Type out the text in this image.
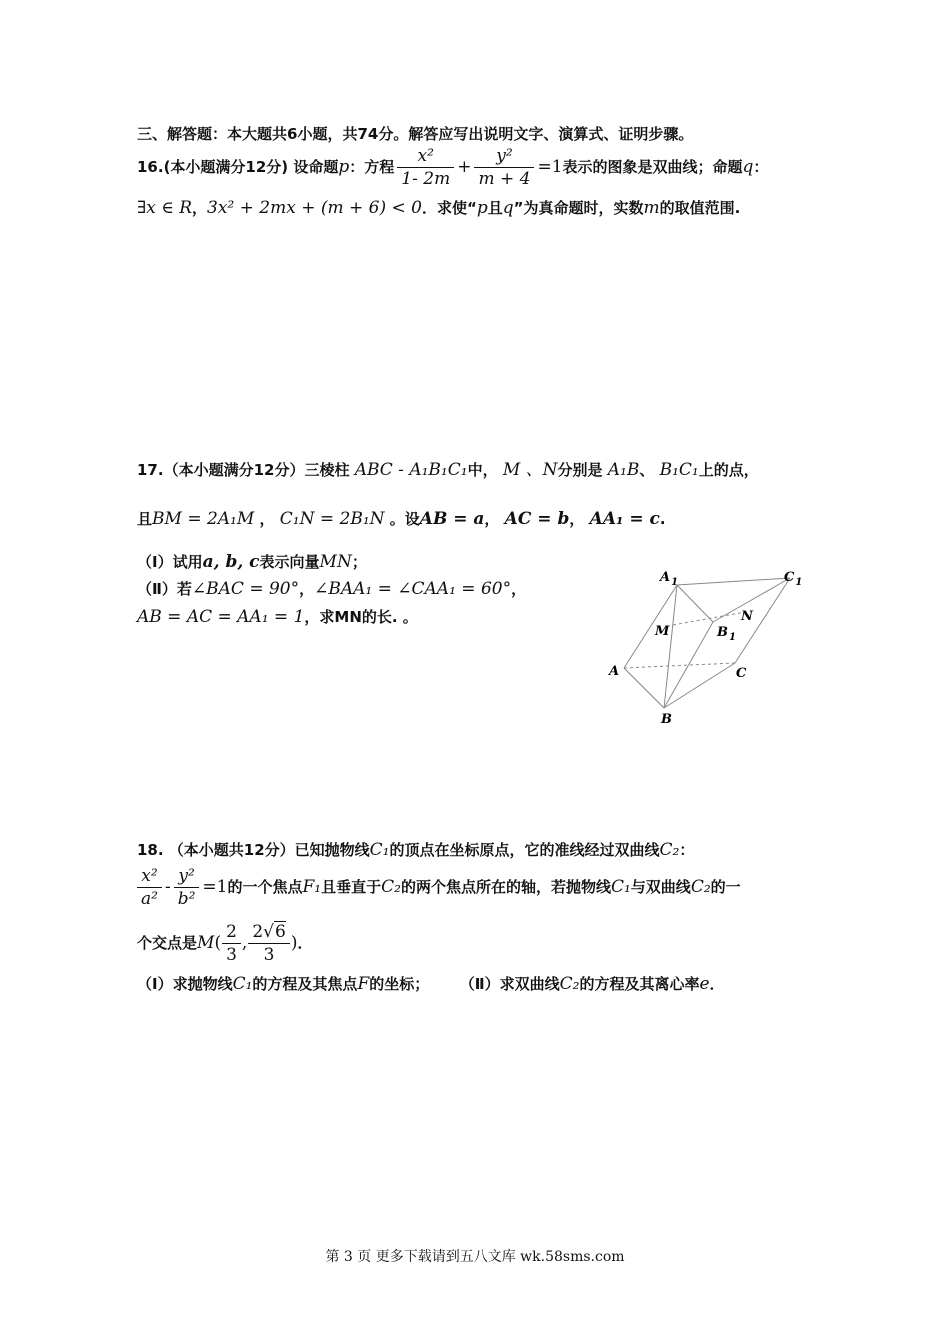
三、解答题：本大题共6小题，共74分。解答应写出说明文字、演算式、证明步骤。
16.(本小题满分12分) 设命题p：方程 $\frac{\text{x²}}{1- 2m} + \frac{\text{y²}}{m + 4} =1$表示的图象是双曲线；命题q：
∃x ∈ R，3x² + 2mx + (m + 6) < 0．求使“p且q”为真命题时，实数m的取值范围.
17.（本小题满分12分）三棱柱 ABC - A₁B₁C₁中， M 、N分别是 A₁B、 B₁C₁上的点，
且BM = 2A₁M ， C₁N = 2B₁N 。设AB = a， AC = b， AA₁ = c.
（Ⅰ）试用a, b, c表示向量MN；
（Ⅱ）若∠BAC = 90°，∠BAA₁ = ∠CAA₁ = 60°，
AB = AC = AA₁ = 1，求MN的长. 。
$A_1$	$C_1$
M
N
$B_1$
A	C
B
18. （本小题共12分）已知抛物线C₁的顶点在坐标原点，它的准线经过双曲线C₂：
$\frac{\text{x²}}{\text{a²}} - \frac{\text{y²}}{\text{b²}} =1$的一个焦点F₁且垂直于C₂的两个焦点所在的轴，若抛物线C₁与双曲线C₂的一
个交点是$M( \frac{2}{3}$ , $\frac{2√6}{3}$ )．
（Ⅰ）求抛物线C₁的方程及其焦点F的坐标； （Ⅱ）求双曲线C₂的方程及其离心率e．
第 3 页 更多下载请到五八文库 wk.58sms.com
